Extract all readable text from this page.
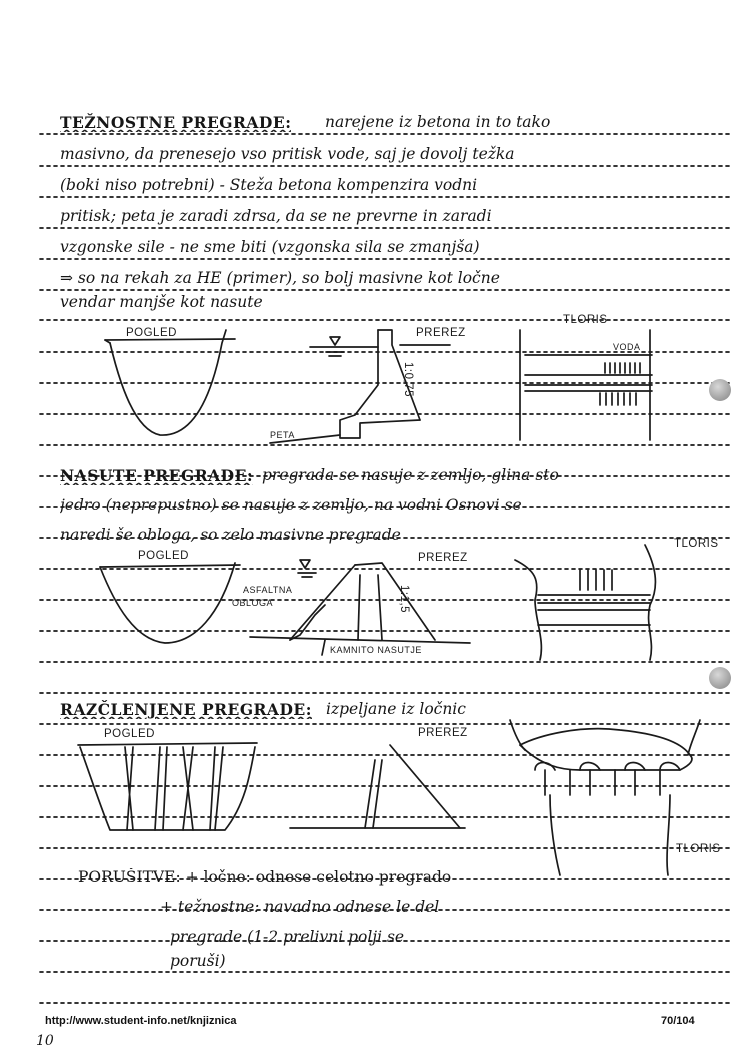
TEŽNOSTNE PREGRADE: narejene iz betona in to tako
masivno, da prenesejo vso pritisk vode, saj je dovolj težka
(boki niso potrebni) - Steža betona kompenzira vodni
pritisk; peta je zaradi zdrsa, da se ne prevrne in zaradi
vzgonske sile - ne sme biti (vzgonska sila se zmanjša)
⇒ so na rekah za HE (primer), so bolj masivne kot ločne
vendar manjše kot nasute
POGLED	PREREZ
1:0,75
PETA
TLORIS
VODA
NASUTE PREGRADE: pregrada se nasuje z zemljo, glina sto
jedro (neprepustno) se nasuje z zemljo, na vodni Osnovi se
naredi še obloga, so zelo masivne pregrade
POGLED	PREREZ
ASFALTNA
OBLOGA
KAMNITO NASUTJE
1:1,5
TLORIS
RAZČLENJENE PREGRADE: izpeljane iz ločnic
POGLED	PREREZ
TLORIS
PORUŠITVE: + ločne: odnese celotno pregrado
+ težnostne: navadno odnese le del
pregrade (1-2 prelivni polji se
poruši)
http://www.student-info.net/knjiznica	70/104
10
